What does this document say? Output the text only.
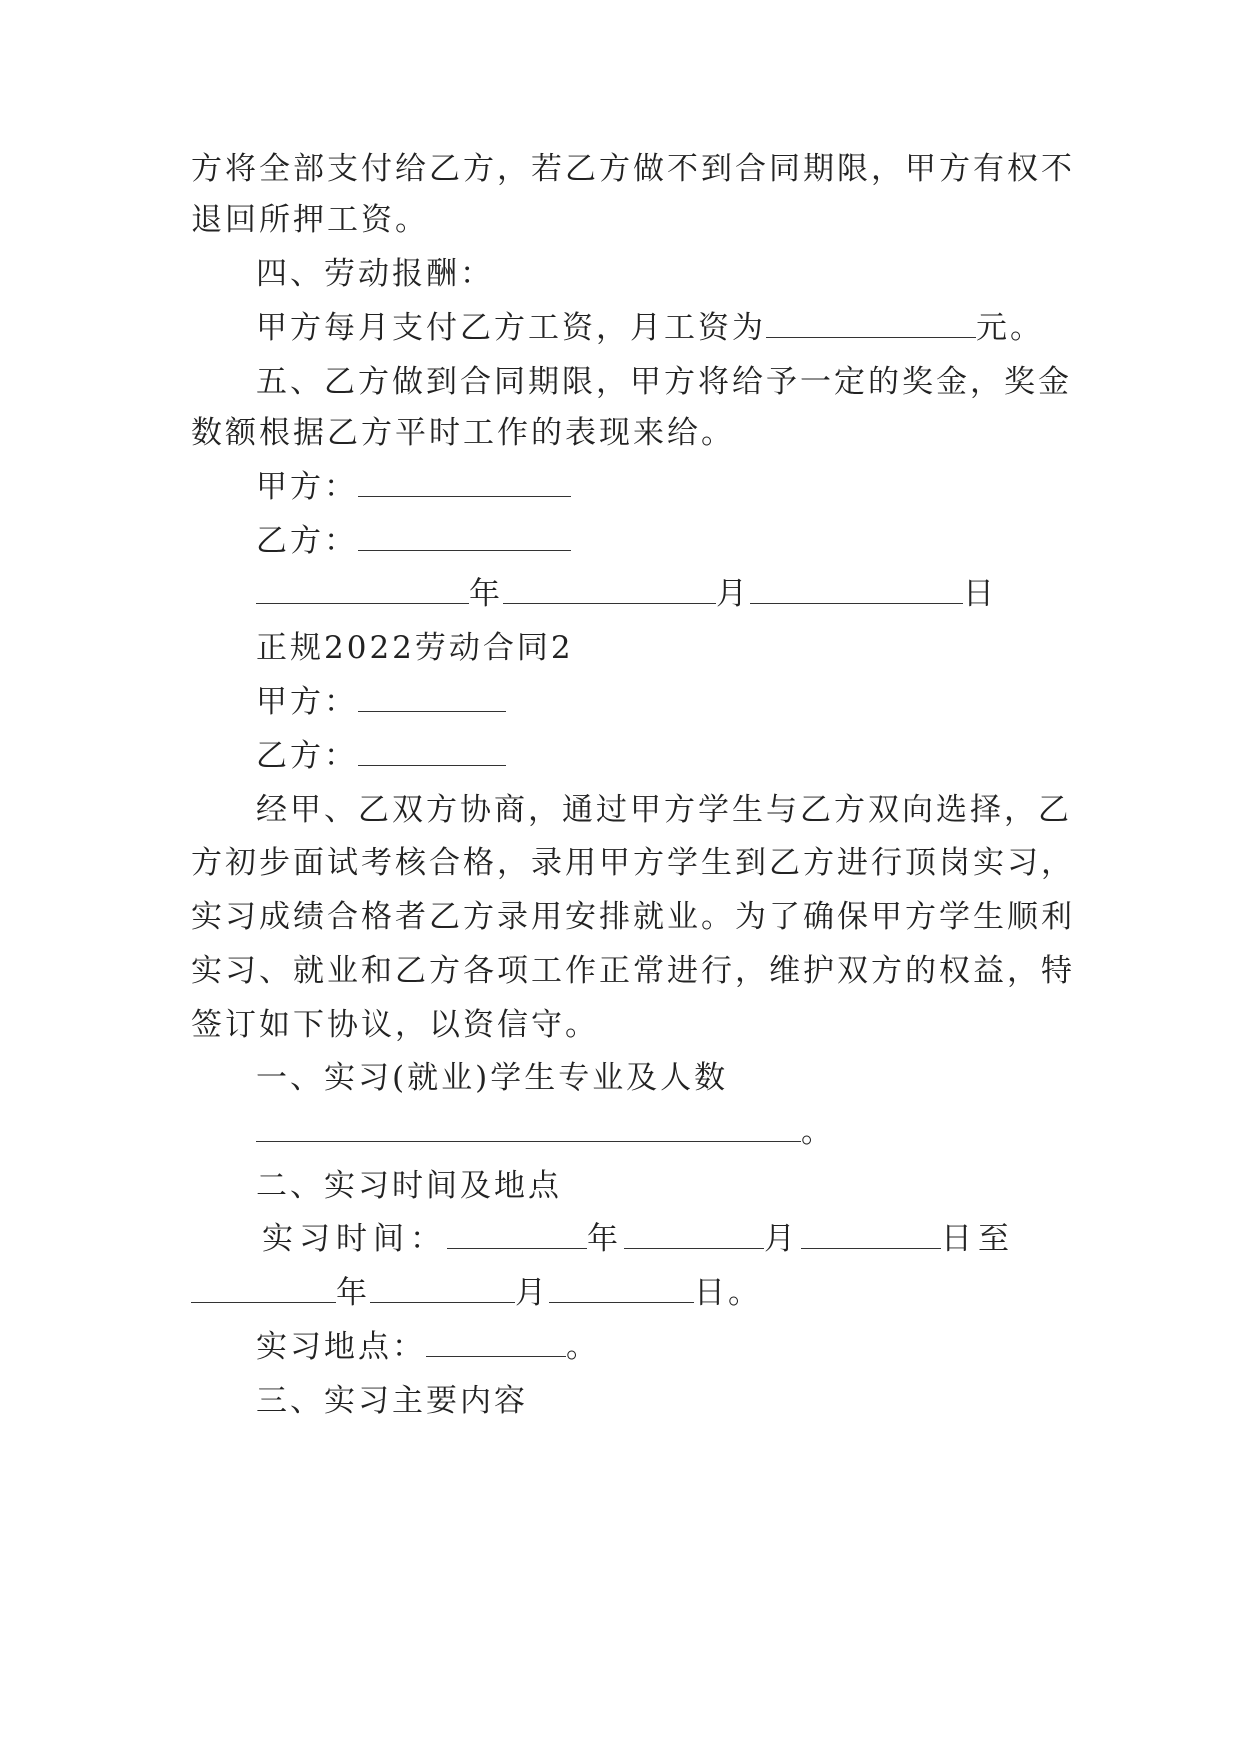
方将全部支付给乙方，若乙方做不到合同期限，甲方有权不
退回所押工资。
四、劳动报酬：
甲方每月支付乙方工资，月工资为	元。
五、乙方做到合同期限，甲方将给予一定的奖金，奖金
数额根据乙方平时工作的表现来给。
甲方：
乙方：
年	月	日
正规2022劳动合同2
甲方：
乙方：
经甲、乙双方协商，通过甲方学生与乙方双向选择，乙
方初步面试考核合格，录用甲方学生到乙方进行顶岗实习，
实习成绩合格者乙方录用安排就业。为了确保甲方学生顺利
实习、就业和乙方各项工作正常进行，维护双方的权益，特
签订如下协议，以资信守。
一、实习(就业)学生专业及人数
。
二、实习时间及地点
实习时间：	年	月	日至
年	月	日。
实习地点：	。
三、实习主要内容
